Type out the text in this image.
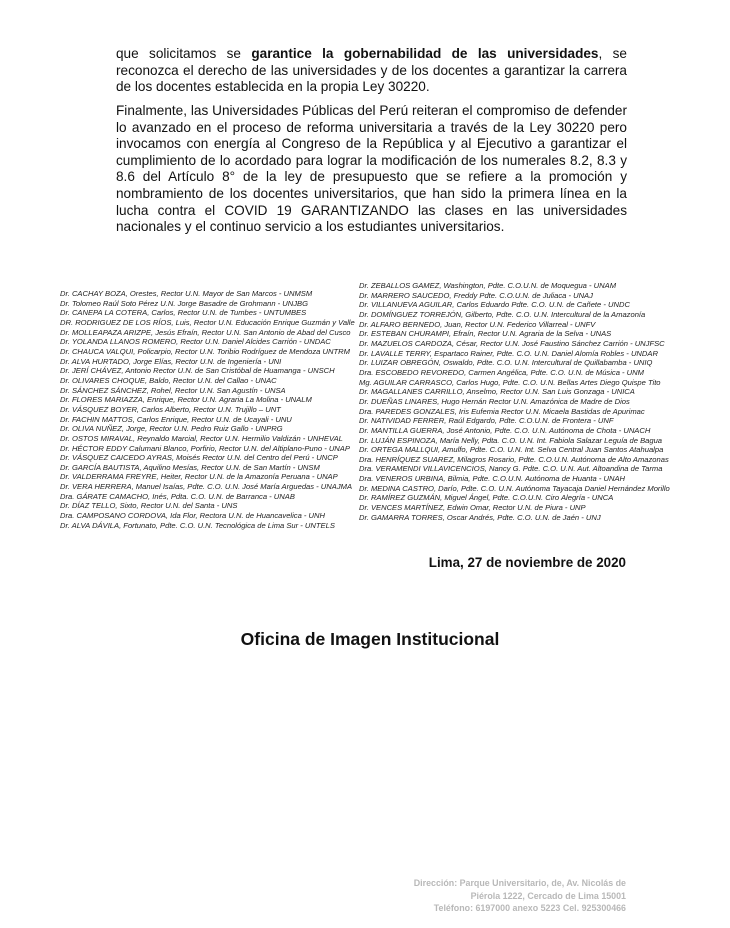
que solicitamos se garantice la gobernabilidad de las universidades, se reconozca el derecho de las universidades y de los docentes a garantizar la carrera de los docentes establecida en la propia Ley 30220.

Finalmente, las Universidades Públicas del Perú reiteran el compromiso de defender lo avanzado en el proceso de reforma universitaria a través de la Ley 30220 pero invocamos con energía al Congreso de la República y al Ejecutivo a garantizar el cumplimiento de lo acordado para lograr la modificación de los numerales 8.2, 8.3 y 8.6 del Artículo 8° de la ley de presupuesto que se refiere a la promoción y nombramiento de los docentes universitarios, que han sido la primera línea en la lucha contra el COVID 19 GARANTIZANDO las clases en las universidades nacionales y el continuo servicio a los estudiantes universitarios.

Dr. CACHAY BOZA, Orestes, Rector U.N. Mayor de San Marcos - UNMSM
Dr. Tolomeo Raúl Soto Pérez U.N. Jorge Basadre de Grohmann - UNJBG
Dr. CANEPA LA COTERA, Carlos, Rector U.N. de Tumbes - UNTUMBES
DR. RODRIGUEZ DE LOS RÍOS, Luis, Rector U.N. Educación Enrique Guzmán y Valle
Dr. MOLLEAPAZA ARIZPE, Jesús Efraín, Rector U.N. San Antonio de Abad del Cusco
Dr. YOLANDA LLANOS ROMERO, Rector U.N. Daniel Alcides Carrión - UNDAC
Dr. CHAUCA VALQUI, Policarpio, Rector U.N. Toribio Rodríguez de Mendoza UNTRM
Dr. ALVA HURTADO, Jorge Elías, Rector U.N. de Ingeniería - UNI
Dr. JERÍ CHÁVEZ, Antonio Rector U.N. de San Cristóbal de Huamanga - UNSCH
Dr. OLIVARES CHOQUE, Baldo, Rector U.N. del Callao - UNAC
Dr. SÁNCHEZ SÁNCHEZ, Rohel, Rector U.N. San Agustín - UNSA
Dr. FLORES MARIAZZA, Enrique, Rector U.N. Agraria La Molina - UNALM
Dr. VÁSQUEZ BOYER, Carlos Alberto, Rector U.N. Trujillo – UNT
Dr. FACHIN MATTOS, Carlos Enrique, Rector U.N. de Ucayali - UNU
Dr. OLIVA NUÑEZ, Jorge, Rector U.N. Pedro Ruiz Gallo - UNPRG
Dr. OSTOS MIRAVAL, Reynaldo Marcial, Rector U.N. Hermilio Valdizán - UNHEVAL
Dr. HÉCTOR EDDY Calumani Blanco, Porfirio, Rector U.N. del Altiplano-Puno - UNAP
Dr. VÁSQUEZ CAICEDO AYRAS, Moisés Rector U.N. del Centro del Perú - UNCP
Dr. GARCÍA BAUTISTA, Aquilino Mesías, Rector U.N. de San Martín - UNSM
Dr. VALDERRAMA FREYRE, Heiter, Rector U.N. de la Amazonía Peruana - UNAP
Dr. VERA HERRERA, Manuel Isaías, Pdte. C.O. U.N. José María Arguedas - UNAJMA
Dra. GÁRATE CAMACHO, Inés, Pdta. C.O. U.N. de Barranca - UNAB
Dr. DÍAZ TELLO, Sixto, Rector U.N. del Santa - UNS
Dra. CAMPOSANO CORDOVA, Ida Flor, Rectora U.N. de Huancavelica - UNH
Dr. ALVA DÁVILA, Fortunato, Pdte. C.O. U.N. Tecnológica de Lima Sur - UNTELS
Dr. ZEBALLOS GAMEZ, Washington, Pdte. C.O.U.N. de Moquegua - UNAM
Dr. MARRERO SAUCEDO, Freddy Pdte. C.O.U.N. de Juliaca - UNAJ
Dr. VILLANUEVA AGUILAR, Carlos Eduardo Pdte. C.O. U.N. de Cañete - UNDC
Dr. DOMÍNGUEZ TORREJÓN, Gilberto, Pdte. C.O. U.N. Intercultural de la Amazonía
Dr. ALFARO BERNEDO, Juan, Rector U.N. Federico Villarreal - UNFV
Dr. ESTEBAN CHURAMPI, Efraín, Rector U.N. Agraria de la Selva - UNAS
Dr. MAZUELOS CARDOZA, César, Rector U.N. José Faustino Sánchez Carrión - UNJFSC
Dr. LAVALLE TERRY, Espartaco Rainer, Pdte. C.O. U.N. Daniel Alomía Robles - UNDAR
Dr. LUIZAR OBREGÓN, Oswaldo, Pdte. C.O. U.N. Intercultural de Quillabamba - UNIQ
Dra. ESCOBEDO REVOREDO, Carmen Angélica, Pdte. C.O. U.N. de Música - UNM
Mg. AGUILAR CARRASCO, Carlos Hugo, Pdte. C.O. U.N. Bellas Artes Diego Quispe Tito
Dr. MAGALLANES CARRILLO, Anselmo, Rector U.N. San Luis Gonzaga - UNICA
Dr. DUEÑAS LINARES, Hugo Hernán Rector U.N. Amazónica de Madre de Dios
Dra. PAREDES GONZALES, Iris Eufemia Rector U.N. Micaela Bastidas de Apurimac
Dr. NATIVIDAD FERRER, Raúl Edgardo, Pdte. C.O.U.N. de Frontera - UNF
Dr. MANTILLA GUERRA, José Antonio, Pdte. C.O. U.N. Autónoma de Chota - UNACH
Dr. LUJÁN ESPINOZA, María Nelly, Pdta. C.O. U.N. Int. Fabiola Salazar Leguía de Bagua
Dr. ORTEGA MALLQUI, Amulfo, Pdte. C.O. U.N. Int. Selva Central Juan Santos Atahualpa
Dra. HENRÍQUEZ SUAREZ, Milagros Rosario, Pdte. C.O.U.N. Autónoma de Alto Amazonas
Dra. VERAMENDI VILLAVICENCIOS, Nancy G. Pdte. C.O. U.N. Aut. Altoandina de Tarma
Dra. VENEROS URBINA, Bilmia, Pdte. C.O.U.N. Autónoma de Huanta - UNAH
Dr. MEDINA CASTRO, Darío, Pdte. C.O. U.N. Autónoma Tayacaja Daniel Hernández Morillo
Dr. RAMÍREZ GUZMÁN, Miguel Ángel, Pdte. C.O.U.N. Ciro Alegría - UNCA
Dr. VENCES MARTÍNEZ, Edwin Omar, Rector U.N. de Piura - UNP
Dr. GAMARRA TORRES, Oscar Andrés, Pdte. C.O. U.N. de Jaén - UNJ
Lima, 27 de noviembre de 2020
Oficina de Imagen Institucional
Dirección: Parque Universitario, de, Av. Nicolás de
Piérola 1222, Cercado de Lima 15001
Teléfono: 6197000 anexo 5223 Cel. 925300466
